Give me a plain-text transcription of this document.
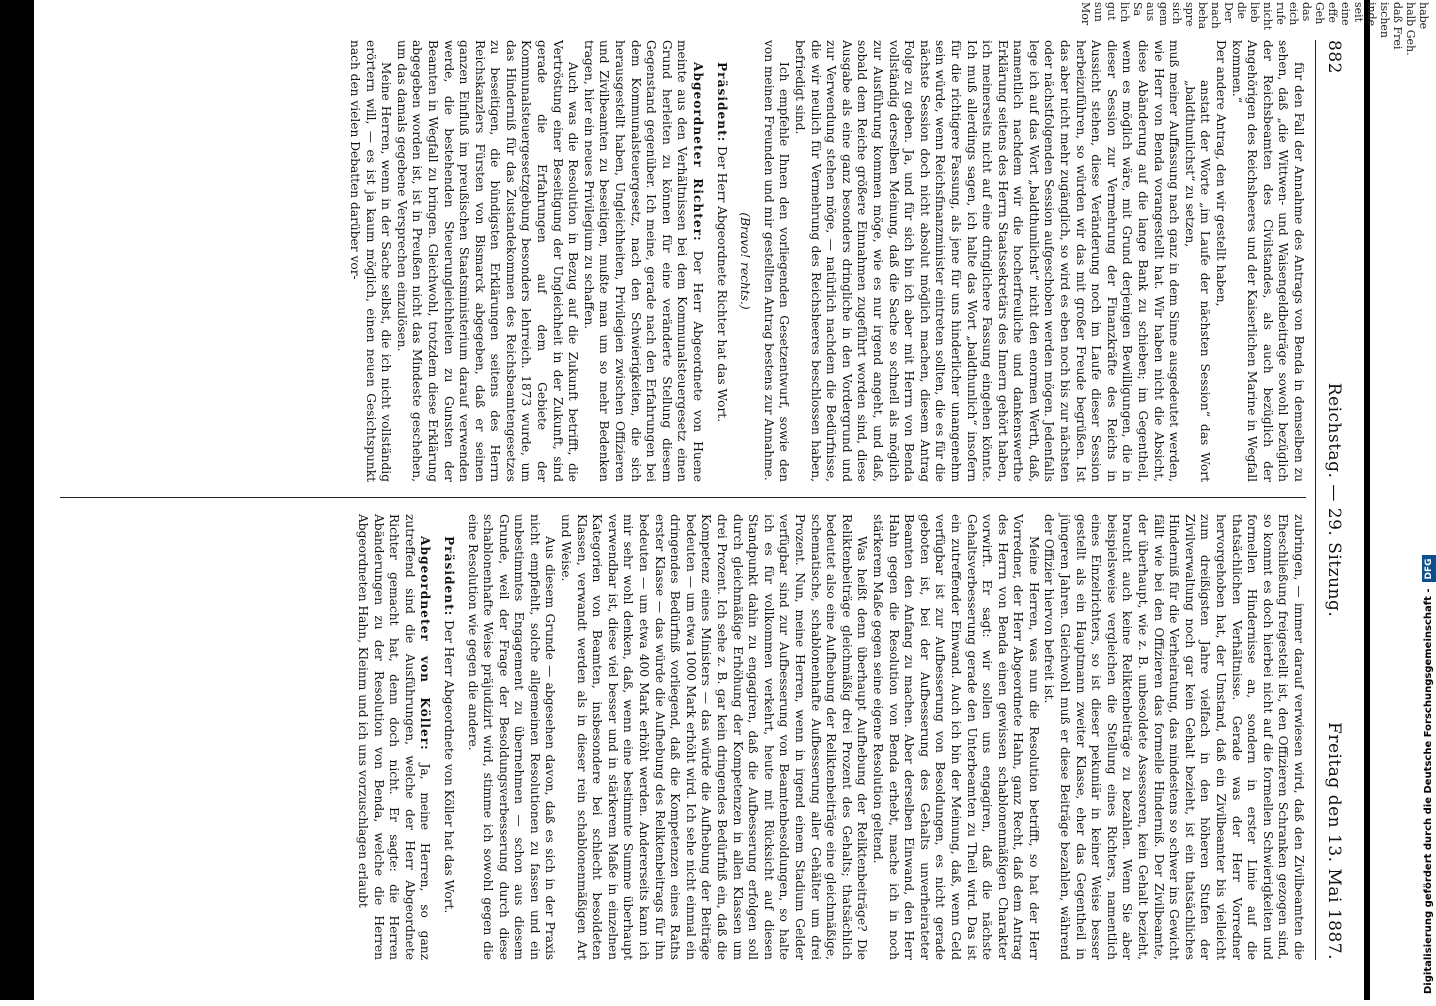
882
Reichstag. — 29. Sitzung.
Freitag den 13. Mai 1887.

für den Fall der Annahme des Antrags von Benda in demselben zu sehen, daß „die Wittwen- und Waisengeldbeiträge sowohl bezüglich der Reichsbeamten des Civilstandes, als auch bezüglich der Angehörigen des Reichsheeres und der Kaiserlichen Marine in Wegfall kommen.“

Der andere Antrag, den wir gestellt haben,

anstatt der Worte „im Laufe der nächsten Session“ das Wort „baldthunlichst“ zu setzen,

muß meiner Auffassung nach ganz in dem Sinne ausgedeutet werden, wie Herr von Benda vorangestellt hat. Wir haben nicht die Absicht, diese Abänderung auf die lange Bank zu schieben; im Gegentheil, wenn es möglich wäre, mit Grund derjenigen Bewilligungen, die in dieser Session zur Vermehrung der Finanzkräfte des Reichs in Aussicht stehen, diese Veränderung noch im Laufe dieser Session herbeizuführen, so würden wir das mit großer Freude begrüßen. Ist das aber nicht mehr zugänglich, so wird es eben noch bis zur nächsten oder nächstfolgenden Session aufgeschoben werden mögen. Jedenfalls lege ich auf das Wort „baldthunlichst“ nicht den enormen Werth, daß, namentlich nachdem wir die hocherfreuliche und dankenswerthe Erklärung seitens des Herrn Staatssekretärs des Innern gehört haben, ich meinerseits nicht auf eine dringlichere Fassung eingehen könnte. Ich muß allerdings sagen, ich halte das Wort „baldthunlich“ insofern für die richtigere Fassung, als jene für uns hinderlicher unangenehm sein würde, wenn Reichsfinanzminister eintreten sollten, die es für die nächste Session doch nicht absolut möglich machen, diesem Antrag Folge zu geben. Ja, und für sich bin ich aber mit Herrn von Benda vollständig derselben Meinung, daß die Sache so schnell als möglich zur Ausführung kommen möge, wie es nur irgend angeht, und daß, sobald dem Reiche größere Einnahmen zugeführt worden sind, diese Ausgabe als eine ganz besonders dringliche in den Vordergrund und zur Verwendung stehen möge, — natürlich nachdem die Bedürfnisse, die wir neulich für Vermehrung des Reichsheeres beschlossen haben, befriedigt sind.

Ich empfehle Ihnen den vorliegenden Gesetzentwurf, sowie den von meinen Freunden und mir gestellten Antrag bestens zur Annahme.

(Bravo! rechts.)

Präsident: Der Herr Abgeordnete Richter hat das Wort.

Abgeordneter Richter: Der Herr Abgeordnete von Huene meinte aus den Verhältnissen bei dem Kommunalsteuergesetz einen Grund herleiten zu können für eine veränderte Stellung diesem Gegenstand gegenüber. Ich meine, gerade nach den Erfahrungen bei dem Kommunalsteuergesetz, nach den Schwierigkeiten, die sich herausgestellt haben, Ungleichheiten, Privilegien zwischen Offizieren und Zivilbeamten zu beseitigen, mußte man um so mehr Bedenken tragen, hier ein neues Privilegium zu schaffen.

Auch was die Resolution in Bezug auf die Zukunft betrifft, die Vertröstung einer Beseitigung der Ungleichheit in der Zukunft, sind gerade die Erfahrungen auf dem Gebiete der Kommunalsteuergesetzgebung besonders lehrreich. 1873 wurde, um das Hinderniß für das Zustandekommen des Reichsbeamtengesetzes zu beseitigen, die bündigsten Erklärungen seitens des Herrn Reichskanzlers Fürsten von Bismarck abgegeben, daß er seinen ganzen Einfluß im preußischen Staatsministerium darauf verwenden werde, die bestehenden Steuerungleichheiten zu Gunsten der Beamten in Wegfall zu bringen. Gleichwohl, trotzdem diese Erklärung abgegeben worden ist, ist in Preußen nicht das Mindeste geschehen, um das damals gegebene Versprechen einzulösen.

Meine Herren, wenn in der Sache selbst, die ich nicht vollständig erörtern will, — es ist ja kaum möglich, einen neuen Gesichtspunkt nach den vielen Debatten darüber vor-

zubringen, — immer darauf verwiesen wird, daß den Zivilbeamten die Eheschließung freigestellt ist, den Offizieren Schranken gezogen sind, so kommt es doch hierbei nicht auf die formellen Schwierigkeiten und formellen Hindernisse an, sondern in erster Linie auf die thatsächlichen Verhältnisse. Gerade was der Herr Vorredner hervorgehoben hat, der Umstand, daß ein Zivilbeamter bis vielleicht zum dreißigsten Jahre vielfach in den höheren Stufen der Zivilverwaltung noch gar kein Gehalt bezieht, ist ein thatsächliches Hinderniß für die Verheiratung, das mindestens so schwer ins Gewicht fällt wie bei den Offizieren das formelle Hinderniß. Der Zivilbeamte, der überhaupt, wie z. B. unbesoldete Assessoren, kein Gehalt bezieht, braucht auch keine Reliktenbeiträge zu bezahlen. Wenn Sie aber beispielsweise vergleichen die Stellung eines Richters, namentlich eines Einzelrichters, so ist dieser pekuniär in keiner Weise besser gestellt als ein Hauptmann zweiter Klasse, eher das Gegentheil in jüngeren Jahren. Gleichwohl muß er diese Beiträge bezahlen, während der Offizier hiervon befreit ist.

Meine Herren, was nun die Resolution betrifft, so hat der Herr Vorredner, der Herr Abgeordnete Hahn, ganz Recht, daß dem Antrag des Herrn von Benda einen gewissen schablonenmäßigen Charakter vorwirft. Er sagt: wir sollen uns engagiren, daß die nächste Gehaltsverbesserung gerade den Unterbeamten zu Theil wird. Das ist ein zutreffender Einwand. Auch ich bin der Meinung, daß, wenn Geld verfügbar ist zur Aufbesserung von Besoldungen, es nicht gerade geboten ist, bei der Aufbesserung des Gehalts unverheirateter Beamten den Anfang zu machen. Aber derselben Einwand, den Herr Hahn gegen die Resolution von Benda erhebt, mache ich in noch stärkerem Maße gegen seine eigene Resolution geltend.

Was heißt denn überhaupt Aufhebung der Reliktenbeiträge? Die Reliktenbeiträge gleichmäßig drei Prozent des Gehalts; thatsächlich bedeutet also eine Aufhebung der Reliktenbeiträge eine gleichmäßige, schematische, schablonenhafte Aufbesserung aller Gehälter um drei Prozent. Nun, meine Herren, wenn in irgend einem Stadium Gelder verfügbar sind zur Aufbesserung von Beamtenbesoldungen, so halte ich es für vollkommen verkehrt, heute mit Rücksicht auf diesen Standpunkt dahin zu engagiren, daß die Aufbesserung erfolgen soll durch gleichmäßige Erhöhung der Kompetenzen in allen Klassen um drei Prozent. Ich sehe z. B. gar kein dringendes Bedürfniß ein, daß die Kompetenz eines Ministers — das würde die Aufhebung der Beiträge bedeuten — um etwa 1000 Mark erhöht wird. Ich sehe nicht einmal ein dringendes Bedürfniß vorliegend, daß die Kompetenzen eines Raths erster Klasse — das würde die Aufhebung des Reliktenbeitrags für ihn bedeuten — um etwa 400 Mark erhöht werden. Andererseits kann ich mir sehr wohl denken, daß, wenn eine bestimmte Summe überhaupt verwendbar ist, diese viel besser und in stärkerem Maße in einzelnen Kategorien von Beamten, insbesondere bei schlecht besoldeten Klassen, verwandt werden als in dieser rein schablonenmäßigen Art und Weise.

Aus diesem Grunde — abgesehen davon, daß es sich in der Praxis nicht empfiehlt, solche allgemeinen Resolutionen zu fassen und ein unbestimmtes Engagement zu übernehmen — schon aus diesem Grunde, weil der Frage der Besoldungsverbesserung durch diese schablonenhafte Weise präjudizirt wird, stimme ich sowohl gegen die eine Resolution wie gegen die andere.

Präsident: Der Herr Abgeordnete von Köller hat das Wort.

Abgeordneter von Köller: Ja, meine Herren, so ganz zutreffend sind die Ausführungen, welche der Herr Abgeordnete Richter gemacht hat, denn doch nicht. Er sagte: die Herren Abänderungen zu der Resolution von Benda, welche die Herren Abgeordneten Hahn, Kleinm und ich uns vorzuschlagen erlaubt

habe
halb Geh.
daß Frei
ischen
inde
seit
eine
effe
Geh
das
eich
rufe
nicht
lieb
die
Der
nach
beha
spre
sich
gem
aus
Sa
lich
gut
sun
Mor
Digitalisierung gefördert durch die Deutsche Forschungsgemeinschaft -DFG
